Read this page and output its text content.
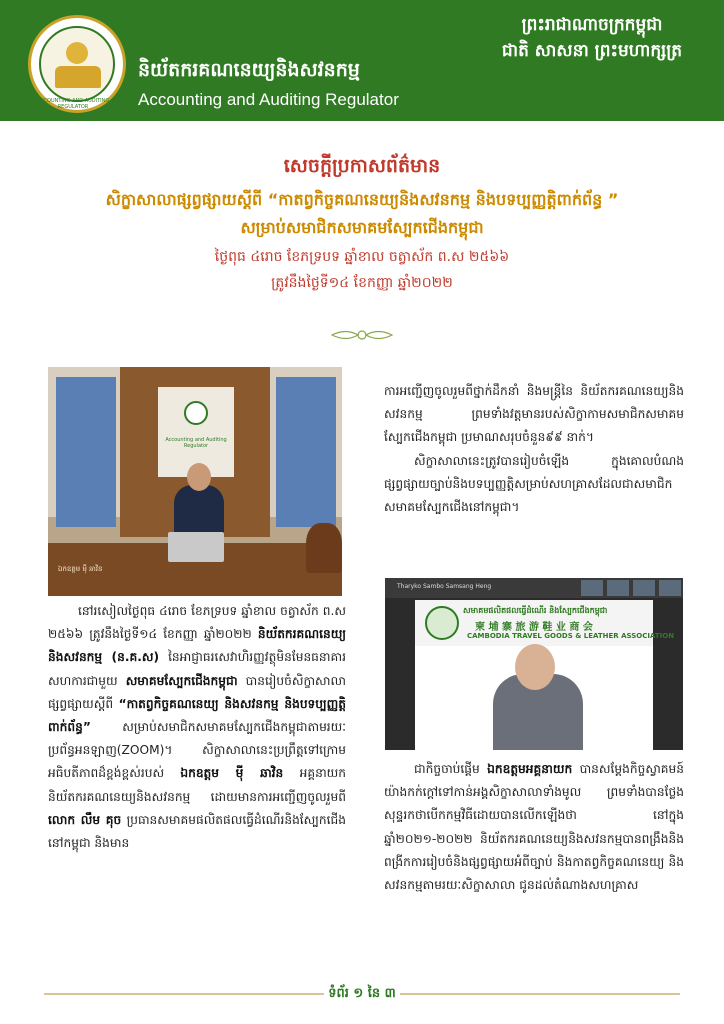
ACCOUNTING AND AUDITING REGULATOR
និយ័តករគណនេយ្យនិងសវនកម្ម
Accounting and Auditing Regulator
ព្រះរាជាណាចក្រកម្ពុជា
ជាតិ សាសនា ព្រះមហាក្សត្រ
សេចក្តីប្រកាសព័ត៌មាន
សិក្ខាសាលាផ្សព្វផ្សាយស្តីពី “កាតព្វកិច្ចគណនេយ្យនិងសវនកម្ម និងបទប្បញ្ញត្តិពាក់ព័ន្ធ ”
សម្រាប់សមាជិកសមាគមស្បែកជើងកម្ពុជា
ថ្ងៃពុធ ៤រោច ខែភទ្របទ ឆ្នាំខាល ចត្វាស័ក ព.ស ២៥៦៦
ត្រូវនឹងថ្ងៃទី១៤ ខែកញ្ញា ឆ្នាំ២០២២
Accounting and Auditing Regulator
ឯកឧត្តម ម៉ី ឆាវិន
Tharyko Sambo Samsang Heng
សមាគមផលិតផលធ្វើដំណើរ និងស្បែកជើងកម្ពុជា
柬 埔 寨 旅 游 鞋 业 商 会
CAMBODIA TRAVEL GOODS & LEATHER ASSOCIATION

ការអញ្ជើញចូលរួមពីថ្នាក់ដឹកនាំ និងមន្ត្រីនៃ និយ័តករគណនេយ្យនិងសវនកម្ម ព្រមទាំងវត្តមានរបស់សិក្ខាកាមសមាជិកសមាគមស្បែកជើងកម្ពុជា ប្រមាណសរុបចំនួន៩៩ នាក់។

សិក្ខាសាលានេះត្រូវបានរៀបចំឡើង ក្នុងគោលបំណងផ្សព្វផ្សាយច្បាប់និងបទប្បញ្ញត្តិសម្រាប់សហគ្រាសដែលជាសមាជិកសមាគមស្បែកជើងនៅកម្ពុជា។

នៅរសៀលថ្ងៃពុធ ៤រោច ខែភទ្របទ ឆ្នាំខាល ចត្វាស័ក ព.ស ២៥៦៦ ត្រូវនឹងថ្ងៃទី១៤ ខែកញ្ញា ឆ្នាំ២០២២ និយ័តករគណនេយ្យនិងសវនកម្ម (ន.គ.ស) នៃអាជ្ញាធរសេវាហិរញ្ញវត្ថុមិនមែនធនាគារ សហការជាមួយ សមាគមស្បែកជើងកម្ពុជា បានរៀបចំសិក្ខាសាលាផ្សព្វផ្សាយស្តីពី “កាតព្វកិច្ចគណនេយ្យ និងសវនកម្ម និងបទប្បញ្ញត្តិពាក់ព័ន្ធ”	សម្រាប់សមាជិកសមាគមស្បែកជើងកម្ពុជាតាមរយៈប្រព័ន្ធអនឡាញ(ZOOM)។ សិក្ខាសាលានេះប្រព្រឹត្តទៅក្រោមអធិបតីភាពដ៏ខ្ពង់ខ្ពស់របស់ ឯកឧត្តម ម៉ី ឆាវិន អគ្គនាយកនិយ័តករគណនេយ្យនិងសវនកម្ម ដោយមានការអញ្ជើញចូលរួមពី លោក លឹម គុច ប្រធានសមាគមផលិតផលធ្វើដំណើរនិងស្បែកជើងនៅកម្ពុជា និងមាន

ជាកិច្ចចាប់ផ្តើម ឯកឧត្តមអគ្គនាយក បានសម្តែងកិច្ចស្វាគមន៍យ៉ាងកក់ក្តៅទៅកាន់អង្គសិក្ខាសាលាទាំងមូល ព្រមទាំងបានថ្លែងសុន្ទរកថាបើកកម្មវិធីដោយបានលើកឡើងថា នៅក្នុងឆ្នាំ២០២១-២០២២ និយ័តករគណនេយ្យនិងសវនកម្មបានពង្រឹងនិងពង្រីកការរៀបចំនិងផ្សព្វផ្សាយអំពីច្បាប់ និងកាតព្វកិច្ចគណនេយ្យ និងសវនកម្មតាមរយៈសិក្ខាសាលា ជូនដល់តំណាងសហគ្រាស

ទំព័រ ១ នៃ ៣
